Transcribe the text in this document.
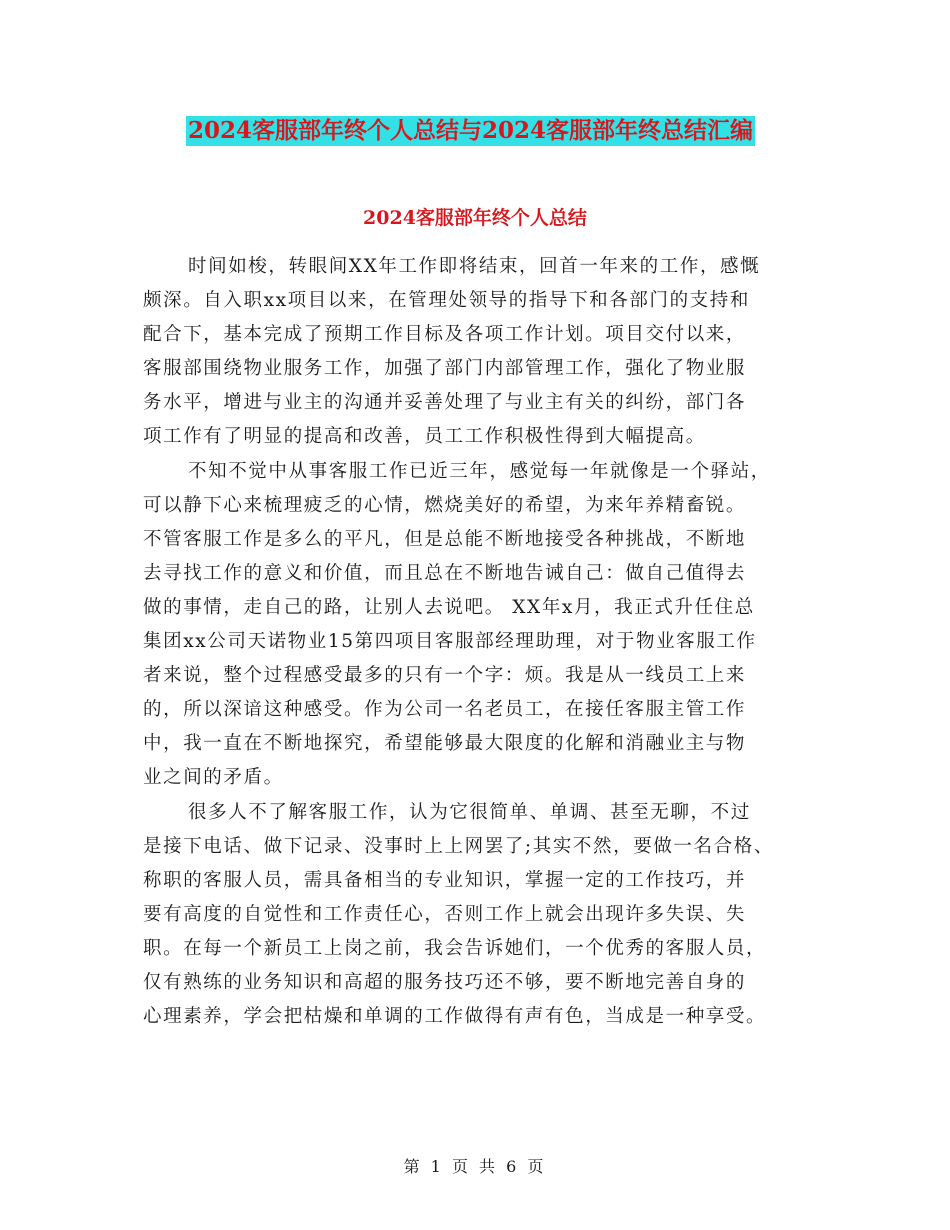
2024客服部年终个人总结与2024客服部年终总结汇编
2024客服部年终个人总结
时间如梭，转眼间XX年工作即将结束，回首一年来的工作，感慨
颇深。自入职xx项目以来，在管理处领导的指导下和各部门的支持和
配合下，基本完成了预期工作目标及各项工作计划。项目交付以来，
客服部围绕物业服务工作，加强了部门内部管理工作，强化了物业服
务水平，增进与业主的沟通并妥善处理了与业主有关的纠纷，部门各
项工作有了明显的提高和改善，员工工作积极性得到大幅提高。
不知不觉中从事客服工作已近三年，感觉每一年就像是一个驿站，
可以静下心来梳理疲乏的心情，燃烧美好的希望，为来年养精畜锐。
不管客服工作是多么的平凡，但是总能不断地接受各种挑战，不断地
去寻找工作的意义和价值，而且总在不断地告诫自己：做自己值得去
做的事情，走自己的路，让别人去说吧。 XX年x月，我正式升任住总
集团xx公司天诺物业15第四项目客服部经理助理，对于物业客服工作
者来说，整个过程感受最多的只有一个字：烦。我是从一线员工上来
的，所以深谙这种感受。作为公司一名老员工，在接任客服主管工作
中，我一直在不断地探究，希望能够最大限度的化解和消融业主与物
业之间的矛盾。
很多人不了解客服工作，认为它很简单、单调、甚至无聊，不过
是接下电话、做下记录、没事时上上网罢了;其实不然，要做一名合格、
称职的客服人员，需具备相当的专业知识，掌握一定的工作技巧，并
要有高度的自觉性和工作责任心，否则工作上就会出现许多失误、失
职。在每一个新员工上岗之前，我会告诉她们，一个优秀的客服人员，
仅有熟练的业务知识和高超的服务技巧还不够，要不断地完善自身的
心理素养，学会把枯燥和单调的工作做得有声有色，当成是一种享受。
第 1 页 共 6 页
